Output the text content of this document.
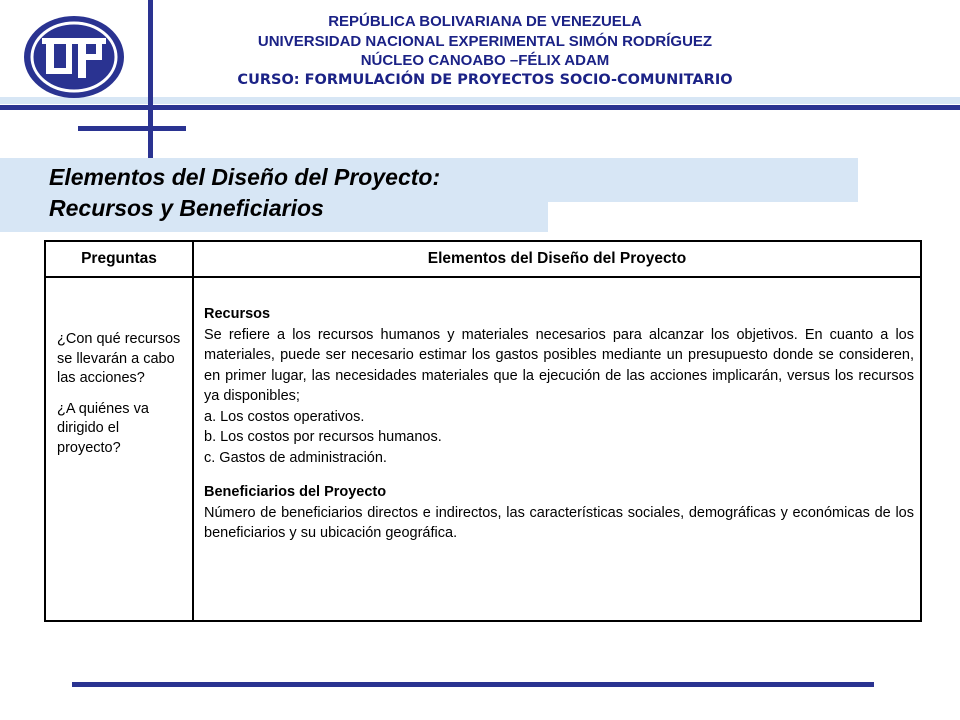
REPÚBLICA BOLIVARIANA DE VENEZUELA
UNIVERSIDAD NACIONAL EXPERIMENTAL SIMÓN RODRÍGUEZ
NÚCLEO CANOABO –FÉLIX ADAM
CURSO: FORMULACIÓN DE PROYECTOS SOCIO-COMUNITARIO
Elementos del Diseño del Proyecto:
Recursos y Beneficiarios
Preguntas	Elementos del Diseño del Proyecto

¿Con qué recursos se llevarán a cabo las acciones?

¿A quiénes va dirigido el proyecto?

Recursos

Se refiere a los recursos humanos y materiales necesarios para alcanzar los objetivos. En cuanto a los materiales, puede ser necesario estimar los gastos posibles mediante un presupuesto donde se consideren, en primer lugar, las necesidades materiales que la ejecución de las acciones implicarán, versus los recursos ya disponibles;

a. Los costos operativos.

b. Los costos por recursos humanos.

c. Gastos de administración.

Beneficiarios del Proyecto

Número de beneficiarios directos e indirectos, las características sociales, demográficas y económicas de los beneficiarios y su ubicación geográfica.
